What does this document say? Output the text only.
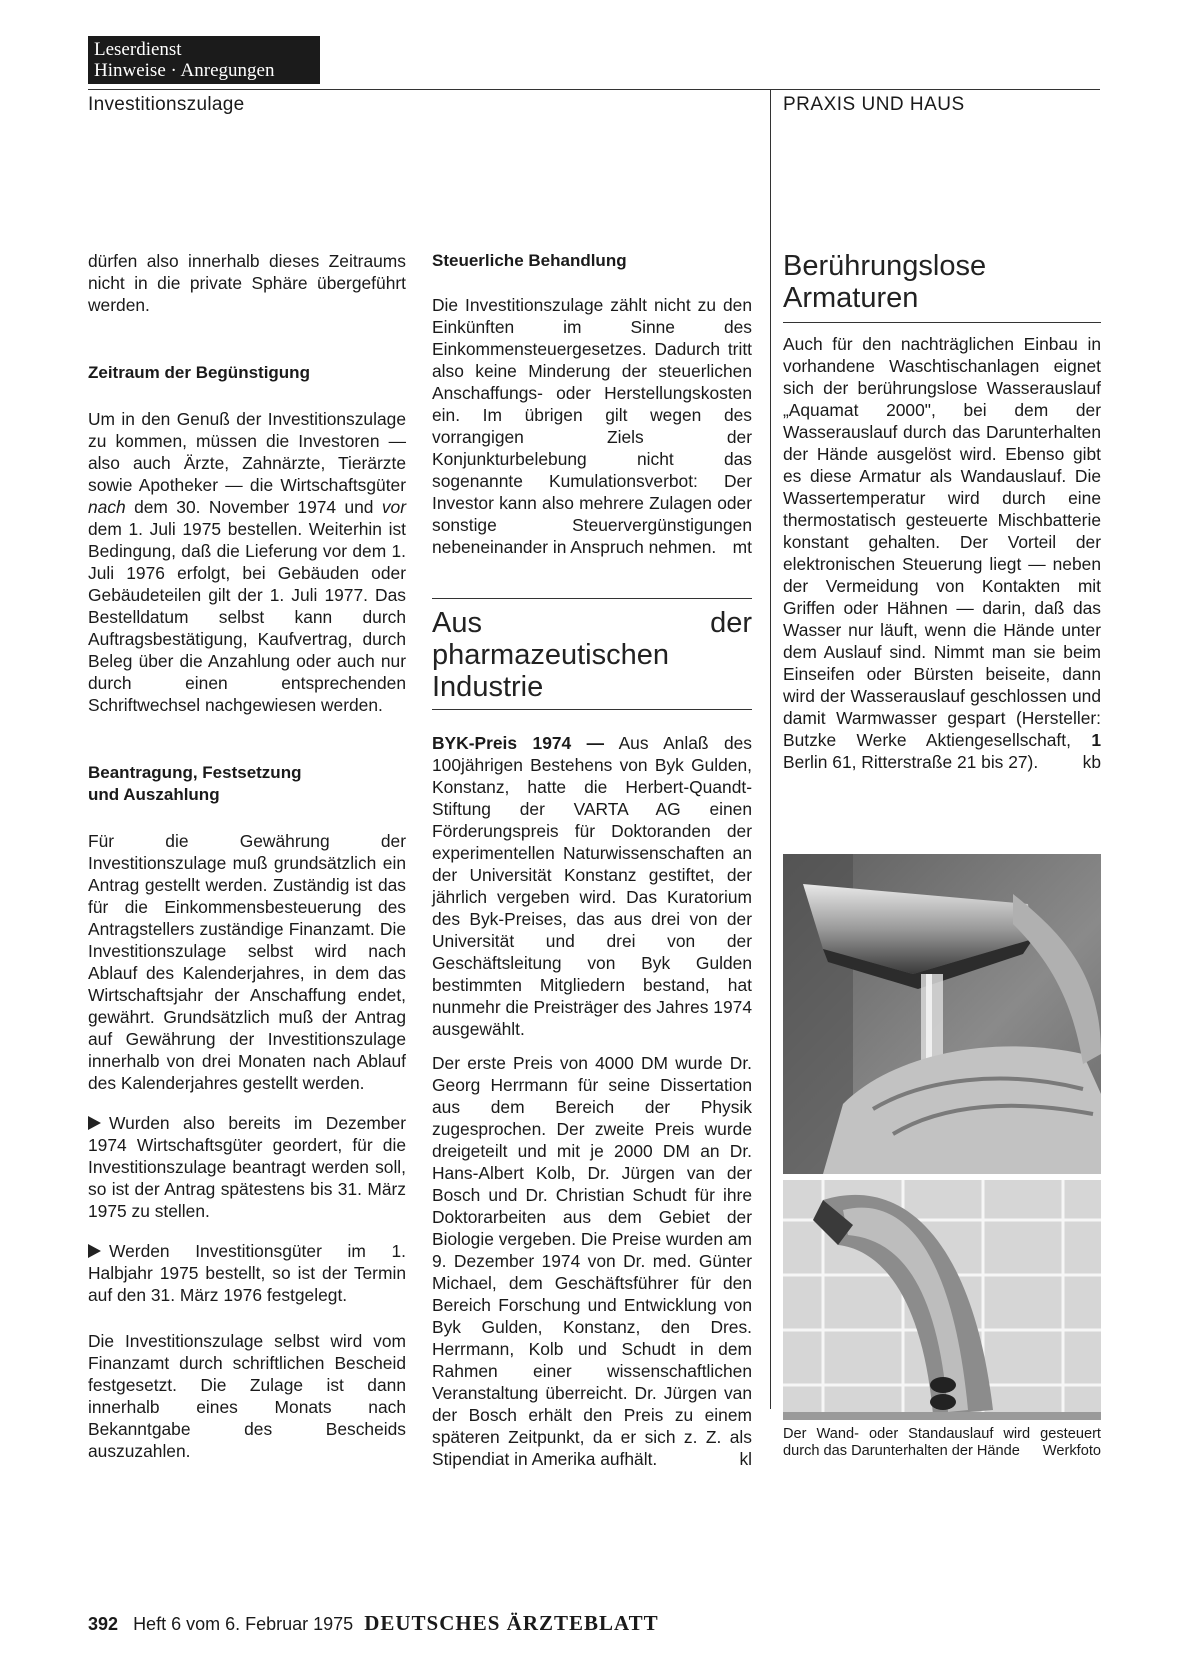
Leserdienst
Hinweise · Anregungen
Investitionszulage	PRAXIS UND HAUS

dürfen also innerhalb dieses Zeitraums nicht in die private Sphäre übergeführt werden.

Zeitraum der Begünstigung

Um in den Genuß der Investitionszulage zu kommen, müssen die Investoren — also auch Ärzte, Zahnärzte, Tierärzte sowie Apotheker — die Wirtschaftsgüter nach dem 30. November 1974 und vor dem 1. Juli 1975 bestellen. Weiterhin ist Bedingung, daß die Lieferung vor dem 1. Juli 1976 erfolgt, bei Gebäuden oder Gebäudeteilen gilt der 1. Juli 1977. Das Bestelldatum selbst kann durch Auftragsbestätigung, Kaufvertrag, durch Beleg über die Anzahlung oder auch nur durch einen entsprechenden Schriftwechsel nachgewiesen werden.

Beantragung, Festsetzung
und Auszahlung

Für die Gewährung der Investitionszulage muß grundsätzlich ein Antrag gestellt werden. Zuständig ist das für die Einkommensbesteuerung des Antragstellers zuständige Finanzamt. Die Investitionszulage selbst wird nach Ablauf des Kalenderjahres, in dem das Wirtschaftsjahr der Anschaffung endet, gewährt. Grundsätzlich muß der Antrag auf Gewährung der Investitionszulage innerhalb von drei Monaten nach Ablauf des Kalenderjahres gestellt werden.

Wurden also bereits im Dezember 1974 Wirtschaftsgüter geordert, für die Investitionszulage beantragt werden soll, so ist der Antrag spätestens bis 31. März 1975 zu stellen.

Werden Investitionsgüter im 1. Halbjahr 1975 bestellt, so ist der Termin auf den 31. März 1976 festgelegt.

Die Investitionszulage selbst wird vom Finanzamt durch schriftlichen Bescheid festgesetzt. Die Zulage ist dann innerhalb eines Monats nach Bekanntgabe des Bescheids auszuzahlen.

Steuerliche Behandlung

Die Investitionszulage zählt nicht zu den Einkünften im Sinne des Einkommensteuergesetzes. Dadurch tritt also keine Minderung der steuerlichen Anschaffungs- oder Herstellungskosten ein. Im übrigen gilt wegen des vorrangigen Ziels der Konjunkturbelebung nicht das sogenannte Kumulationsverbot: Der Investor kann also mehrere Zulagen oder sonstige Steuervergünstigungen nebeneinander in Anspruch nehmen. mt

Aus der pharmazeutischen Industrie

BYK-Preis 1974 — Aus Anlaß des 100jährigen Bestehens von Byk Gulden, Konstanz, hatte die Herbert-Quandt-Stiftung der VARTA AG einen Förderungspreis für Doktoranden der experimentellen Naturwissenschaften an der Universität Konstanz gestiftet, der jährlich vergeben wird. Das Kuratorium des Byk-Preises, das aus drei von der Universität und drei von der Geschäftsleitung von Byk Gulden bestimmten Mitgliedern bestand, hat nunmehr die Preisträger des Jahres 1974 ausgewählt.

Der erste Preis von 4000 DM wurde Dr. Georg Herrmann für seine Dissertation aus dem Bereich der Physik zugesprochen. Der zweite Preis wurde dreigeteilt und mit je 2000 DM an Dr. Hans-Albert Kolb, Dr. Jürgen van der Bosch und Dr. Christian Schudt für ihre Doktorarbeiten aus dem Gebiet der Biologie vergeben. Die Preise wurden am 9. Dezember 1974 von Dr. med. Günter Michael, dem Geschäftsführer für den Bereich Forschung und Entwicklung von Byk Gulden, Konstanz, den Dres. Herrmann, Kolb und Schudt in dem Rahmen einer wissenschaftlichen Veranstaltung überreicht. Dr. Jürgen van der Bosch erhält den Preis zu einem späteren Zeitpunkt, da er sich z. Z. als Stipendiat in Amerika aufhält.	kl

Berührungslose Armaturen

Auch für den nachträglichen Einbau in vorhandene Waschtischanlagen eignet sich der berührungslose Wasserauslauf „Aquamat 2000", bei dem der Wasserauslauf durch das Darunterhalten der Hände ausgelöst wird. Ebenso gibt es diese Armatur als Wandauslauf. Die Wassertemperatur wird durch eine thermostatisch gesteuerte Mischbatterie konstant gehalten. Der Vorteil der elektronischen Steuerung liegt — neben der Vermeidung von Kontakten mit Griffen oder Hähnen — darin, daß das Wasser nur läuft, wenn die Hände unter dem Auslauf sind. Nimmt man sie beim Einseifen oder Bürsten beiseite, dann wird der Wasserauslauf geschlossen und damit Warmwasser gespart (Hersteller: Butzke Werke Aktiengesellschaft, 1 Berlin 61, Ritterstraße 21 bis 27).	kb

Der Wand- oder Standauslauf wird gesteuert durch das Darunterhalten der Hände Werkfoto
392 Heft 6 vom 6. Februar 1975 DEUTSCHES ÄRZTEBLATT
